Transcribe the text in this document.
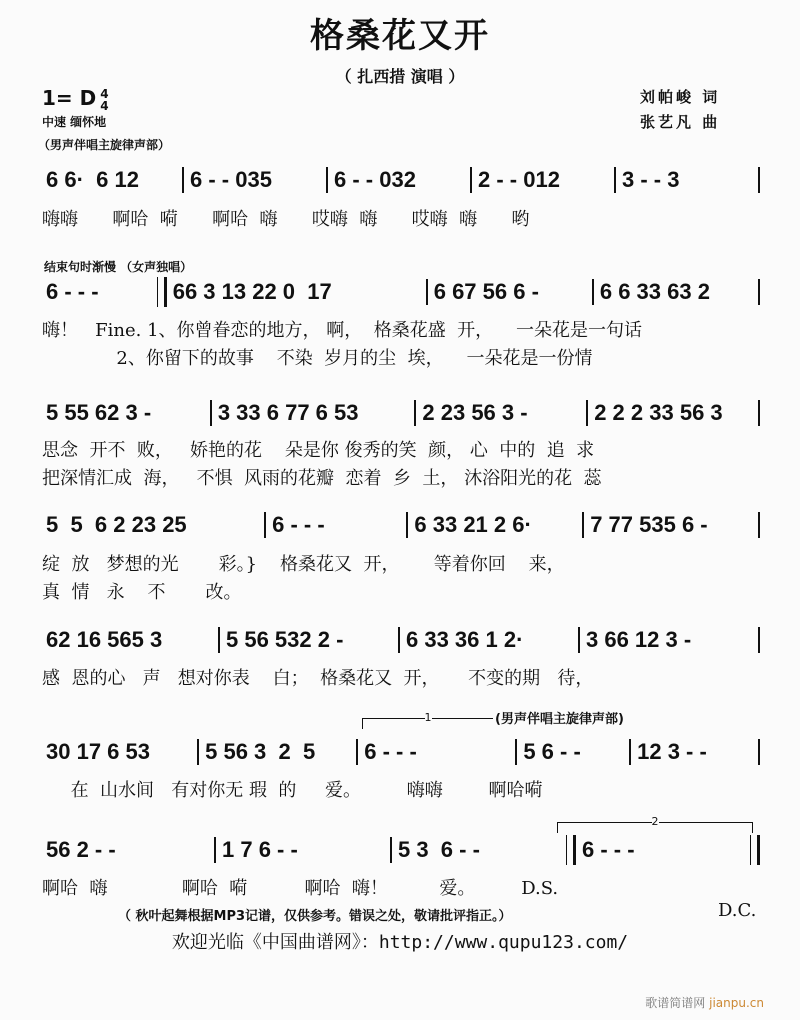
格桑花又开
（ 扎西措 演唱 ）
1= D 4
4
中速 缅怀地
（男声伴唱主旋律声部）
刘帕峻 词
张艺凡 曲
6 6·  6 12	6 - - 035	6 - - 032	2 - - 012	3 - - 3
嗨嗨      啊哈  嗬      啊哈  嗨      哎嗨  嗨      哎嗨  嗨      哟
结束句时渐慢 （女声独唱）
6 - - -	66 3 13 22 0  17	6 67 56 6 -	6 6 33 63 2
嗨！   Fine. 1、你曾眷恋的地方， 啊，  格桑花盛  开，    一朵花是一句话
2、你留下的故事    不染  岁月的尘  埃，    一朵花是一份情
5 55 62 3 -	3 33 6 77 6 53	2 23 56 3 -	2 2 2 33 56 3
思念  开不  败，   娇艳的花    朵是你 俊秀的笑  颜， 心  中的  追  求
把深情汇成  海，   不惧  风雨的花瓣  恋着  乡  土， 沐浴阳光的花  蕊
5  5  6 2 23 25	6 - - -	6 33 21 2 6·	7 77 535 6 -
绽  放   梦想的光       彩。}    格桑花又  开，      等着你回    来，
真  情   永    不       改。
62 16 565 3	5 56 532 2 -	6 33 36 1 2·	3 66 12 3 -
感  恩的心   声   想对你表    白；  格桑花又  开，     不变的期   待，
1	(男声伴唱主旋律声部)
30 17 6 53	5 56 3  2  5	6 - - -	5 6 - -	12 3 - -
在  山水间   有对你无 瑕  的     爱。        嗨嗨        啊哈嗬
2
56 2 - -	1 7 6 - -	5 3  6 - -	6 - - -
啊哈  嗨             啊哈  嗬          啊哈  嗨！         爱。        D.S.
（ 秋叶起舞根据MP3记谱，仅供参考。错误之处，敬请批评指正。）	D.C.
欢迎光临《中国曲谱网》：http://www.qupu123.com/
歌谱简谱网 jianpu.cn
